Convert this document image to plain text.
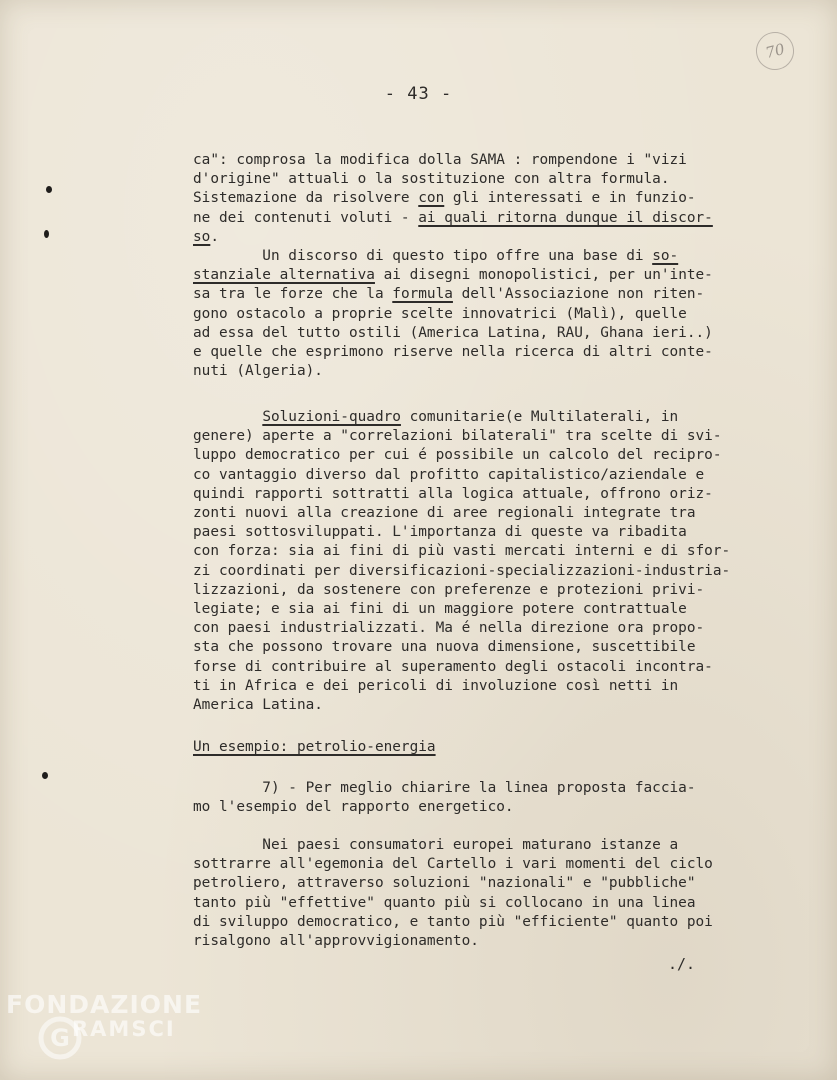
70
- 43 -
ca": comprosa la modifica dolla SAMA : rompendone i "vizi
d'origine" attuali o la sostituzione con altra formula.
Sistemazione da risolvere con gli interessati e in funzio-
ne dei contenuti voluti - ai quali ritorna dunque il discor-
so.
Un discorso di questo tipo offre una base di so-
stanziale alternativa ai disegni monopolistici, per un'inte-
sa tra le forze che la formula dell'Associazione non riten-
gono ostacolo a proprie scelte innovatrici (Malì), quelle
ad essa del tutto ostili (America Latina, RAU, Ghana ieri..)
e quelle che esprimono riserve nella ricerca di altri conte-
nuti (Algeria).
Soluzioni-quadro comunitarie(e Multilaterali, in
genere) aperte a "correlazioni bilaterali" tra scelte di svi-
luppo democratico per cui é possibile un calcolo del recipro-
co vantaggio diverso dal profitto capitalistico/aziendale e
quindi rapporti sottratti alla logica attuale, offrono oriz-
zonti nuovi alla creazione di aree regionali integrate tra
paesi sottosviluppati. L'importanza di queste va ribadita
con forza: sia ai fini di più vasti mercati interni e di sfor-
zi coordinati per diversificazioni-specializzazioni-industria-
lizzazioni, da sostenere con preferenze e protezioni privi-
legiate; e sia ai fini di un maggiore potere contrattuale
con paesi industrializzati. Ma é nella direzione ora propo-
sta che possono trovare una nuova dimensione, suscettibile
forse di contribuire al superamento degli ostacoli incontra-
ti in Africa e dei pericoli di involuzione così netti in
America Latina.
Un esempio: petrolio-energia
7) - Per meglio chiarire la linea proposta faccia-
mo l'esempio del rapporto energetico.
Nei paesi consumatori europei maturano istanze a
sottrarre all'egemonia del Cartello i vari momenti del ciclo
petroliero, attraverso soluzioni "nazionali" e "pubbliche"
tanto più "effettive" quanto più si collocano in una linea
di sviluppo democratico, e tanto più "efficiente" quanto poi
risalgono all'approvvigionamento.
./.
G
FONDAZIONE
RAMSCI
